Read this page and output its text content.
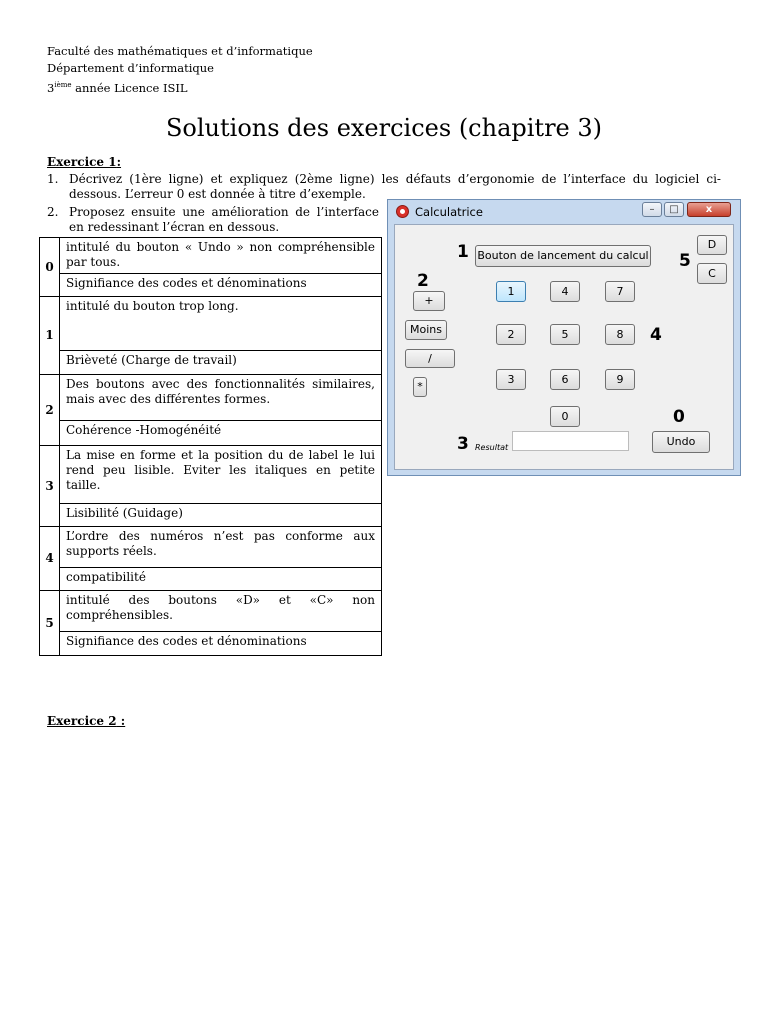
Faculté des mathématiques et d’informatique
Département d’informatique
3ième année Licence ISIL
Solutions des exercices (chapitre 3)
Exercice 1:
1. Décrivez (1ère ligne) et expliquez (2ème ligne) les défauts d’ergonomie de l’interface du logiciel ci-dessous. L’erreur 0 est donnée à titre d’exemple.
2. Proposez ensuite une amélioration de l’interface en redessinant l’écran en dessous.
0	intitulé du bouton « Undo » non compréhensible par tous.
	Signifiance des codes et dénominations
1	intitulé du bouton trop long.
	Brièveté (Charge de travail)
2	Des boutons avec des fonctionnalités similaires, mais avec des différentes formes.
	Cohérence -Homogénéité
3	La mise en forme et la position du de label le lui rend peu lisible. Eviter les italiques en petite taille.
	Lisibilité (Guidage)
4	L’ordre des numéros n’est pas conforme aux supports réels.
	compatibilité
5	intitulé des boutons «D» et «C» non compréhensibles.
	Signifiance des codes et dénominations
Calculatrice	–	□	x
Bouton de lancement du calcul
D
C
+
Moins
/
*
1	4	7
2	5	8
3	6	9
0
Resultat	Undo
1
2
3
4
5
0
Exercice 2 :
